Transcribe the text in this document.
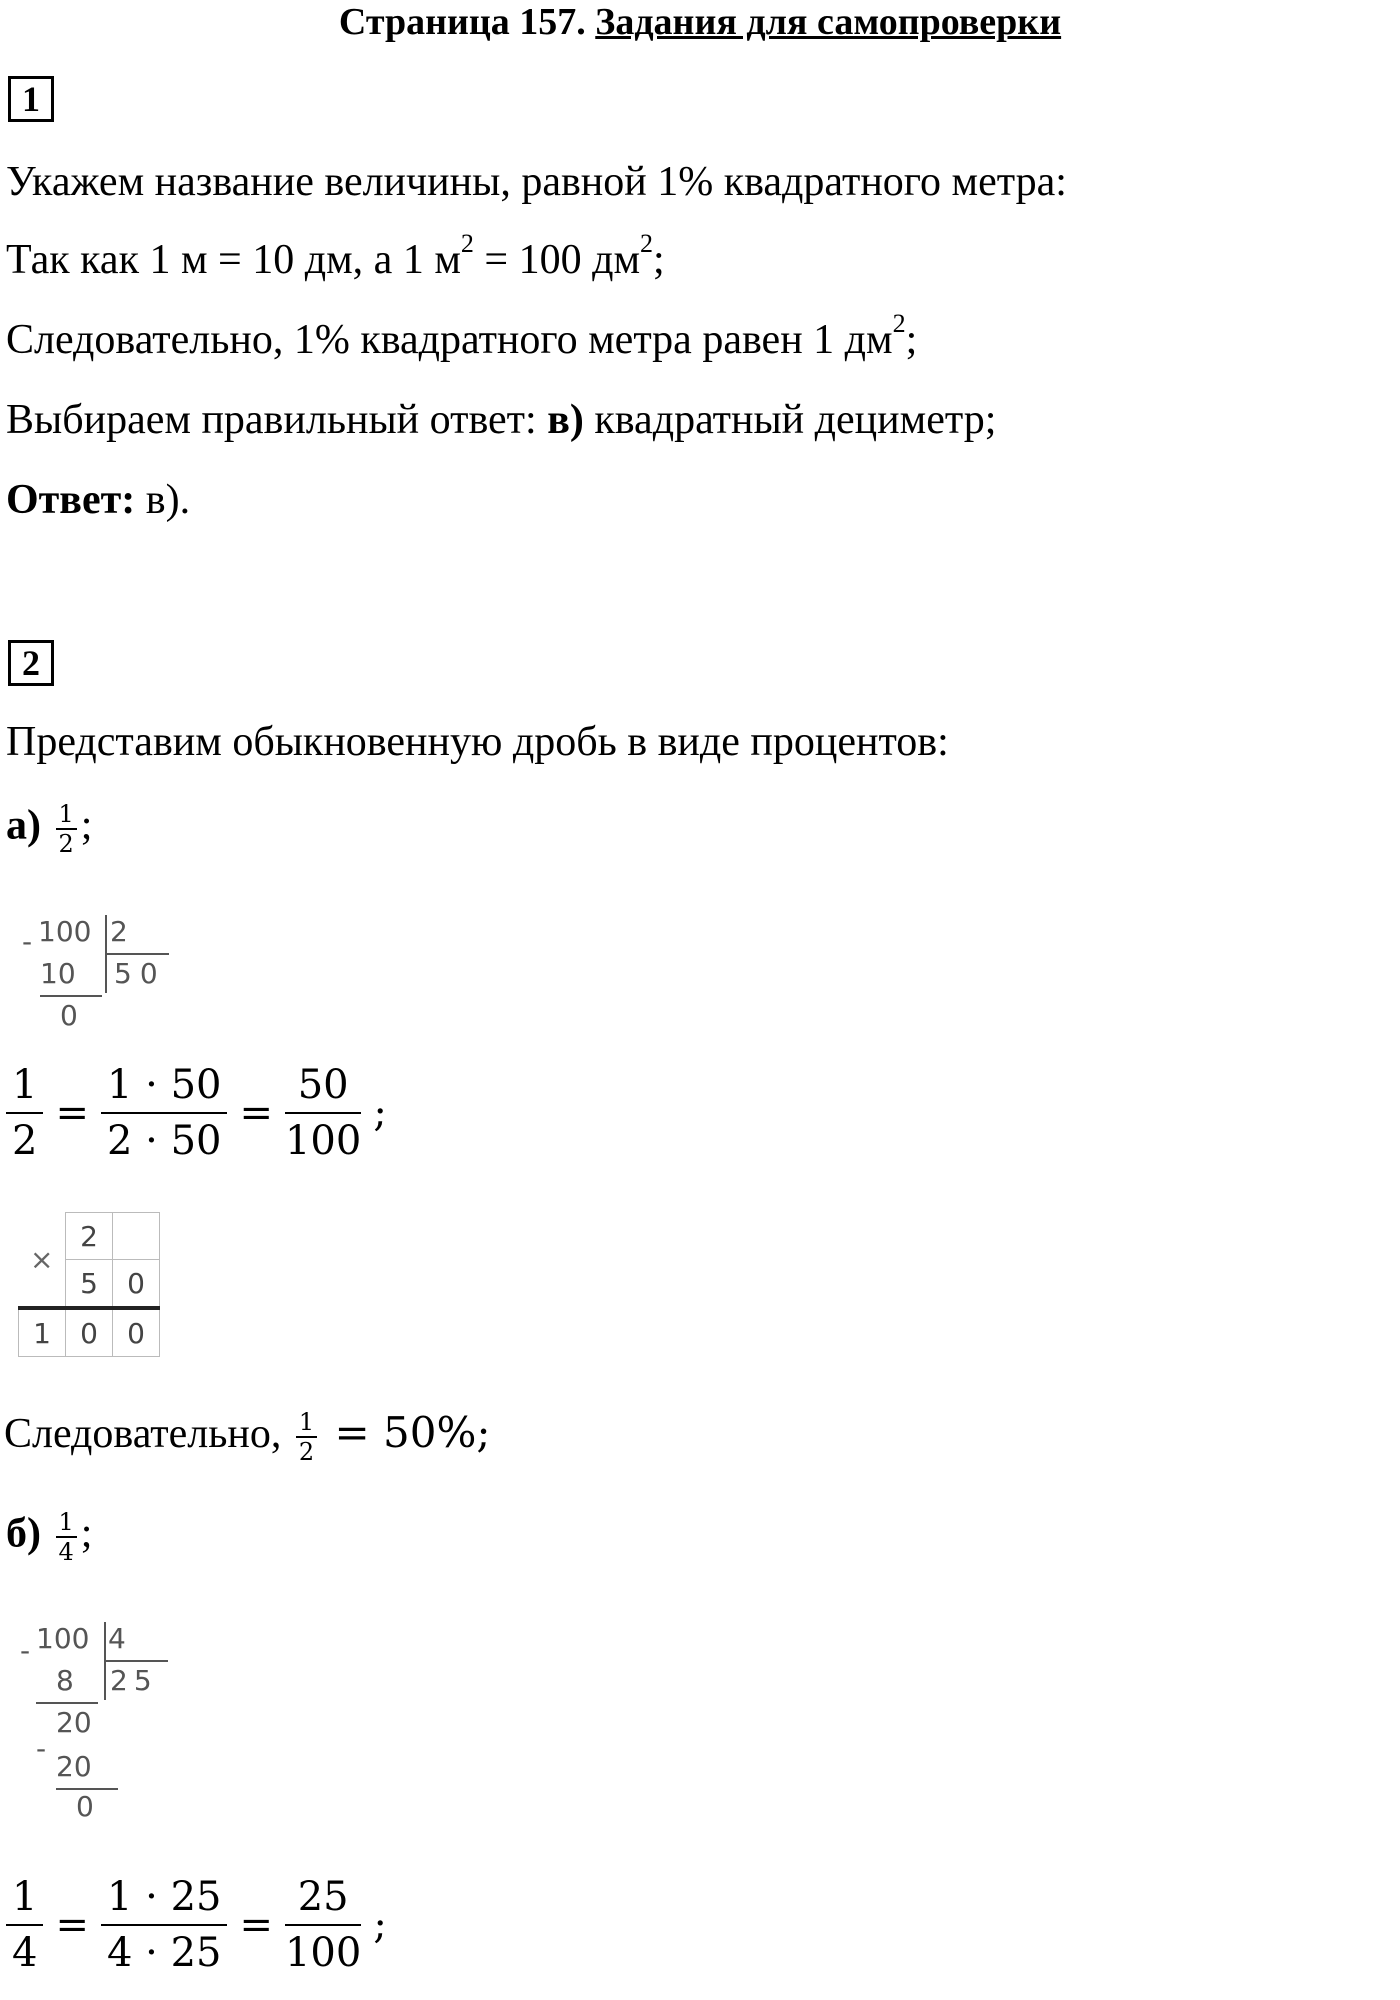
Страница 157. Задания для самопроверки
1
Укажем название величины, равной 1% квадратного метра:
Так как 1 м = 10 дм, а 1 $м^2 = 100$ $дм^2$;
Следовательно, 1% квадратного метра равен 1 $дм^2$;
Выбираем правильный ответ: в) квадратный дециметр;
Ответ: в).
2
Представим обыкновенную дробь в виде процентов:
$а) \frac{1}{2}$ ;
- 100 2
10 50
0
$\frac{1}{2} = \frac{1 \cdot 50}{2 \cdot 50} = \frac{50}{100}$ ;
×	2	
	5	0
1	0	0
Следовательно, $\frac{1}{2} = 50\%$;
$б) \frac{1}{4}$ ;
- 100 4
8 25
20
-
20
0
$\frac{1}{4} = \frac{1 \cdot 25}{4 \cdot 25} = \frac{25}{100}$ ;
